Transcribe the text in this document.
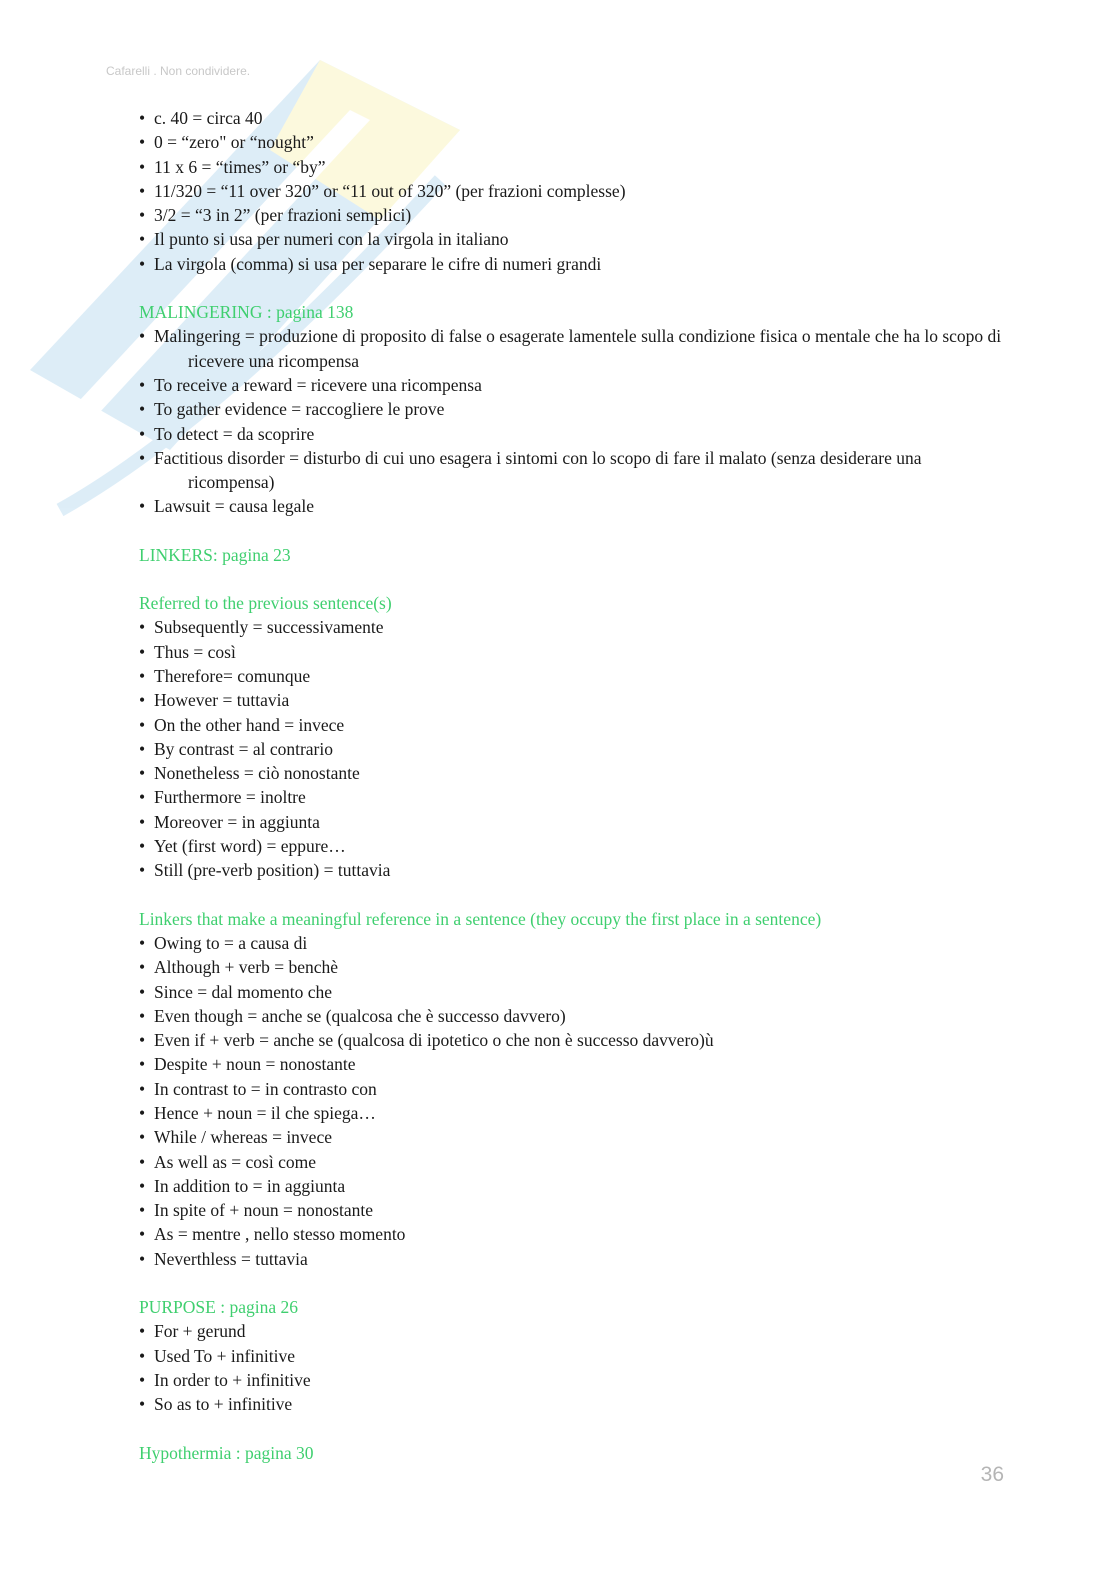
Cafarelli . Non condividere.
• c. 40 = circa 40
• 0 = “zero" or “nought”
• 11 x 6 = “times” or “by”
• 11/320 = “11 over 320” or “11 out of 320” (per frazioni complesse)
• 3/2 = “3 in 2” (per frazioni semplici)
• Il punto si usa per numeri con la virgola in italiano
• La virgola (comma) si usa per separare le cifre di numeri grandi
MALINGERING : pagina 138
• Malingering = produzione di proposito di false o esagerate lamentele sulla condizione fisica o mentale che ha lo scopo di ricevere una ricompensa
• To receive a reward = ricevere una ricompensa
• To gather evidence = raccogliere le prove
• To detect = da scoprire
• Factitious disorder = disturbo di cui uno esagera i sintomi con lo scopo di fare il malato (senza desiderare una ricompensa)
• Lawsuit = causa legale
LINKERS: pagina 23
Referred to the previous sentence(s)
• Subsequently = successivamente
• Thus = così
• Therefore= comunque
• However = tuttavia
• On the other hand = invece
• By contrast = al contrario
• Nonetheless = ciò nonostante
• Furthermore = inoltre
• Moreover = in aggiunta
• Yet (first word) = eppure…
• Still (pre-verb position) = tuttavia
Linkers that make a meaningful reference in a sentence (they occupy the first place in a sentence)
• Owing to = a causa di
• Although + verb = benchè
• Since = dal momento che
• Even though = anche se (qualcosa che è successo davvero)
• Even if + verb = anche se (qualcosa di ipotetico o che non è successo davvero)ù
• Despite + noun = nonostante
• In contrast to = in contrasto con
• Hence + noun = il che spiega…
• While / whereas = invece
• As well as = così come
• In addition to = in aggiunta
• In spite of + noun = nonostante
• As = mentre , nello stesso momento
• Neverthless = tuttavia
PURPOSE : pagina 26
• For + gerund
• Used To + infinitive
• In order to + infinitive
• So as to + infinitive
Hypothermia : pagina 30
36
